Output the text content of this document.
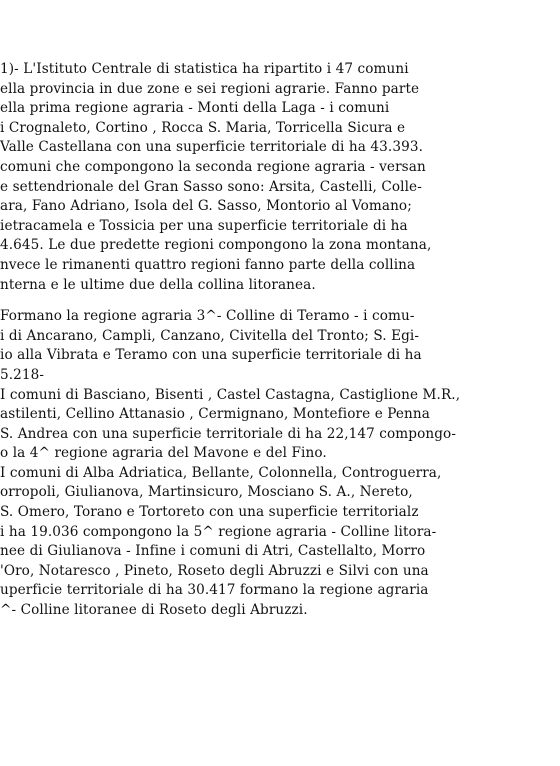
1)- L'Istituto Centrale di statistica ha ripartito i 47 comuni
ella provincia in due zone e sei regioni agrarie. Fanno parte
ella prima regione agraria - Monti della Laga - i comuni
i Crognaleto, Cortino , Rocca S. Maria, Torricella Sicura e
Valle Castellana con una superficie territoriale di ha 43.393.
comuni che compongono la seconda regione agraria - versan
e settendrionale del Gran Sasso sono: Arsita, Castelli, Colle-
ara, Fano Adriano, Isola del G. Sasso, Montorio al Vomano;
ietracamela e Tossicia per una superficie territoriale di ha
4.645. Le due predette regioni compongono la zona montana,
nvece le rimanenti quattro regioni fanno parte della collina
nterna e le ultime due della collina litoranea.
Formano la regione agraria 3^- Colline di Teramo - i comu-
i di Ancarano, Campli, Canzano, Civitella del Tronto; S. Egi-
io alla Vibrata e Teramo con una superficie territoriale di ha
5.218-
I comuni di Basciano, Bisenti , Castel Castagna, Castiglione M.R.,
astilenti, Cellino Attanasio , Cermignano, Montefiore e Penna
S. Andrea con una superficie territoriale di ha 22,147 compongo-
o la 4^ regione agraria del Mavone e del Fino.
I comuni di Alba Adriatica, Bellante, Colonnella, Controguerra,
orropoli, Giulianova, Martinsicuro, Mosciano S. A., Nereto,
S. Omero, Torano e Tortoreto con una superficie territorialz
i ha 19.036 compongono la 5^ regione agraria - Colline litora-
nee di Giulianova - Infine i comuni di Atri, Castellalto, Morro
'Oro, Notaresco , Pineto, Roseto degli Abruzzi e Silvi con una
uperficie territoriale di ha 30.417 formano la regione agraria
^- Colline litoranee di Roseto degli Abruzzi.
